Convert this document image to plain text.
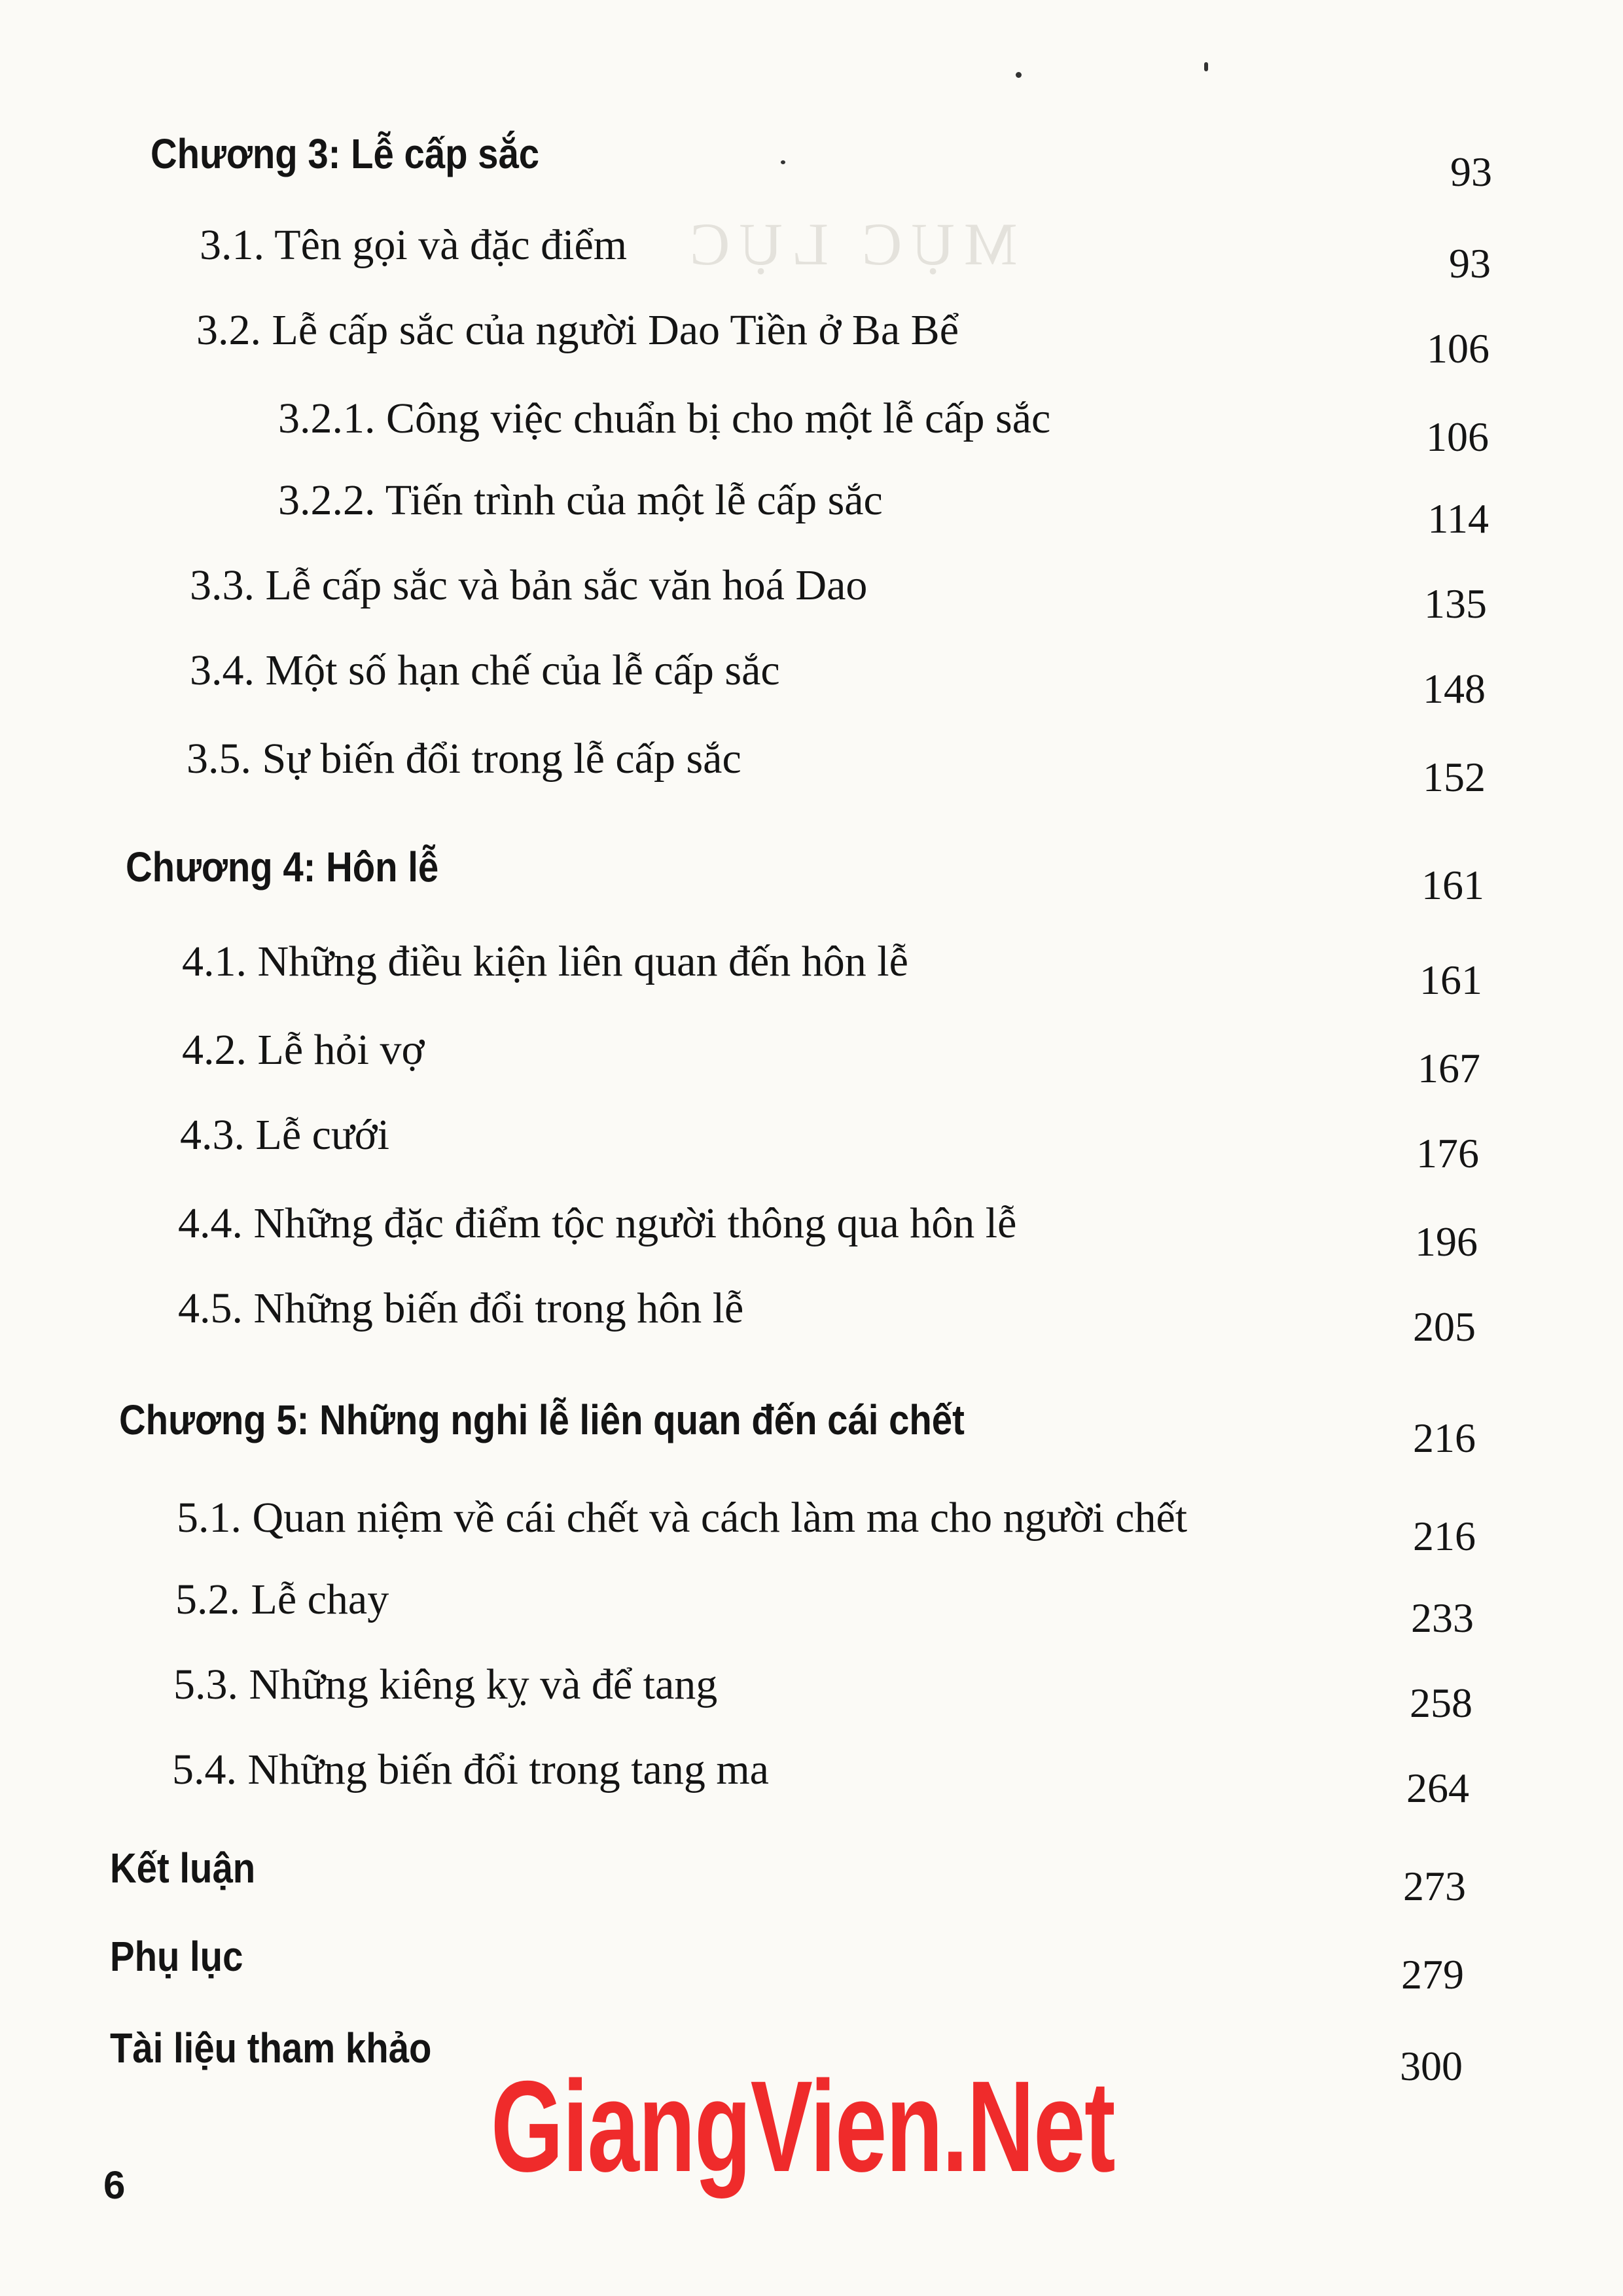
MỤC LỤC
Chương 3: Lễ cấp sắc	93
3.1. Tên gọi và đặc điểm	93
3.2. Lễ cấp sắc của người Dao Tiền ở Ba Bể	106
3.2.1. Công việc chuẩn bị cho một lễ cấp sắc	106
3.2.2. Tiến trình của một lễ cấp sắc	114
3.3. Lễ cấp sắc và bản sắc văn hoá Dao	135
3.4. Một số hạn chế của lễ cấp sắc	148
3.5. Sự biến đổi trong lễ cấp sắc	152
Chương 4: Hôn lễ	161
4.1. Những điều kiện liên quan đến hôn lễ	161
4.2. Lễ hỏi vợ	167
4.3. Lễ cưới	176
4.4. Những đặc điểm tộc người thông qua hôn lễ	196
4.5. Những biến đổi trong hôn lễ	205
Chương 5: Những nghi lễ liên quan đến cái chết	216
5.1. Quan niệm về cái chết và cách làm ma cho người chết	216
5.2. Lễ chay	233
5.3. Những kiêng kỵ và để tang	258
5.4. Những biến đổi trong tang ma	264
Kết luận	273
Phụ lục	279
Tài liệu tham khảo	300
6	GiangVien.Net
